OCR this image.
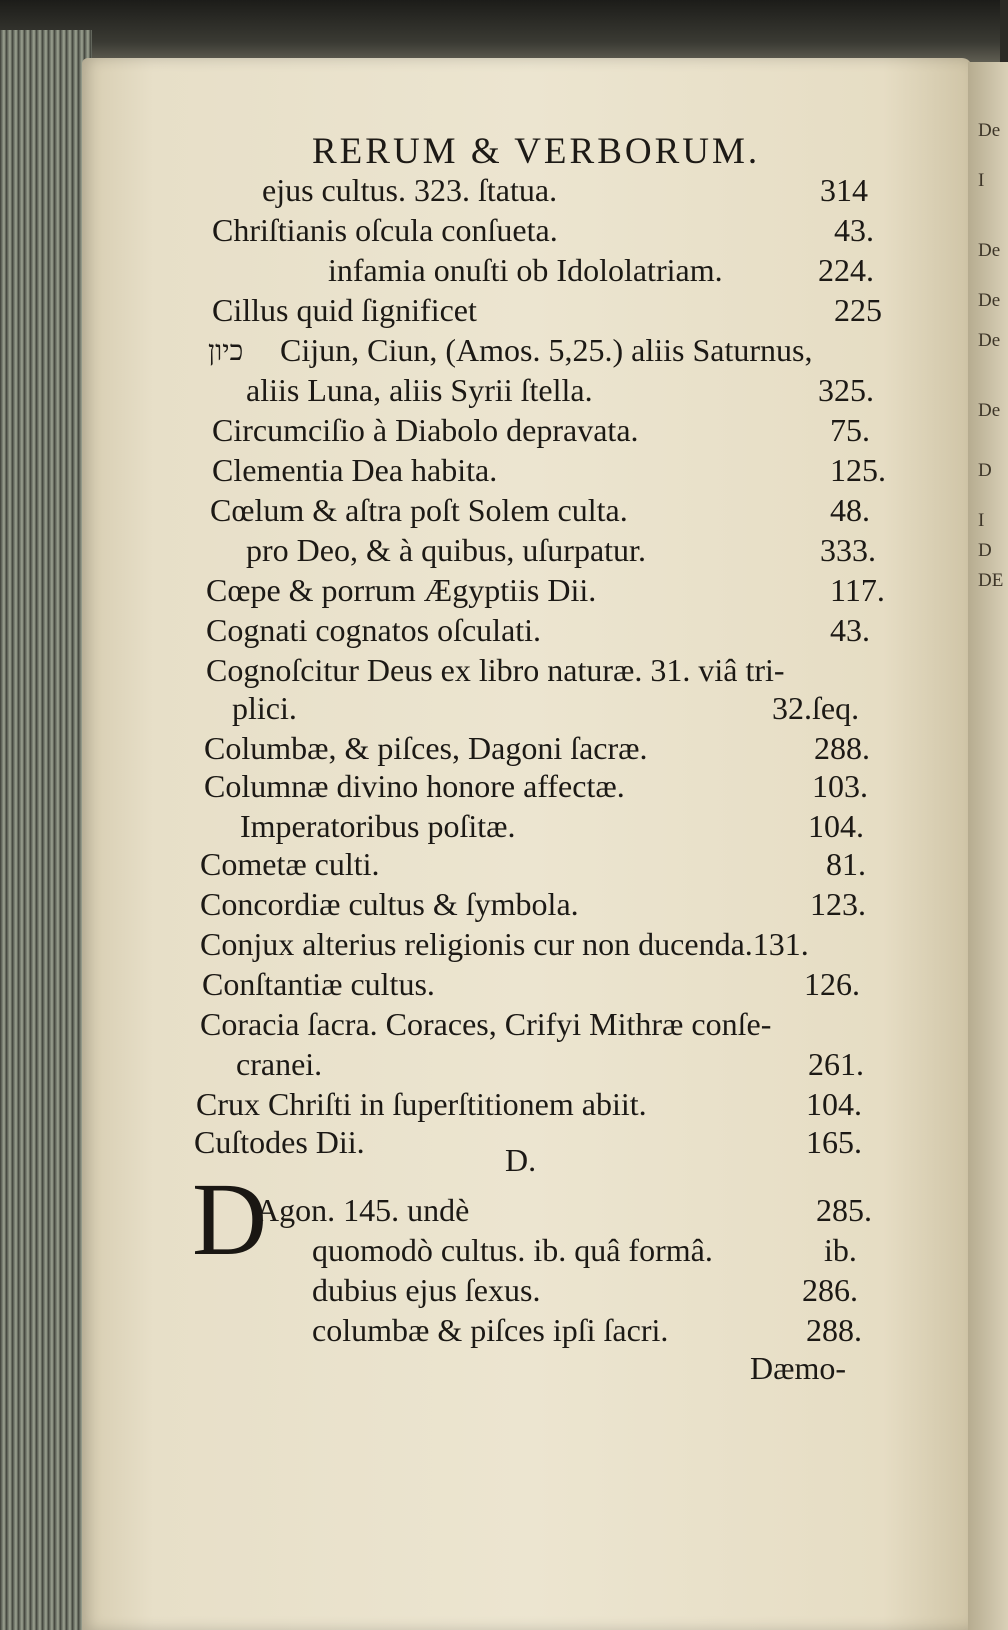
De
I
De
De
De
De
D
I
D
DE
RERUM & VERBORUM.
ejus cultus. 323. ſtatua.	314
Chriſtianis oſcula conſueta.	43.
infamia onuſti ob Idololatriam.	224.
Cillus quid ſignificet	225
כיון Cijun, Ciun, (Amos. 5,25.) aliis Saturnus,
aliis Luna, aliis Syrii ſtella.	325.
Circumciſio à Diabolo depravata.	75.
Clementia Dea habita.	125.
Cœlum & aſtra poſt Solem culta.	48.
pro Deo, & à quibus, uſurpatur.	333.
Cœpe & porrum Ægyptiis Dii.	117.
Cognati cognatos oſculati.	43.
Cognoſcitur Deus ex libro naturæ. 31. viâ tri-
plici.	32.ſeq.
Columbæ, & piſces, Dagoni ſacræ.	288.
Columnæ divino honore affectæ.	103.
Imperatoribus poſitæ.	104.
Cometæ culti.	81.
Concordiæ cultus & ſymbola.	123.
Conjux alterius religionis cur non ducenda.131.
Conſtantiæ cultus.	126.
Coracia ſacra. Coraces, Crifyi Mithræ conſe-
cranei.	261.
Crux Chriſti in ſuperſtitionem abiit.	104.
Cuſtodes Dii.	165.
D.
D
Agon. 145. undè	285.
quomodò cultus. ib. quâ formâ.	ib.
dubius ejus ſexus.	286.
columbæ & piſces ipſi ſacri.	288.
Dæmo-
